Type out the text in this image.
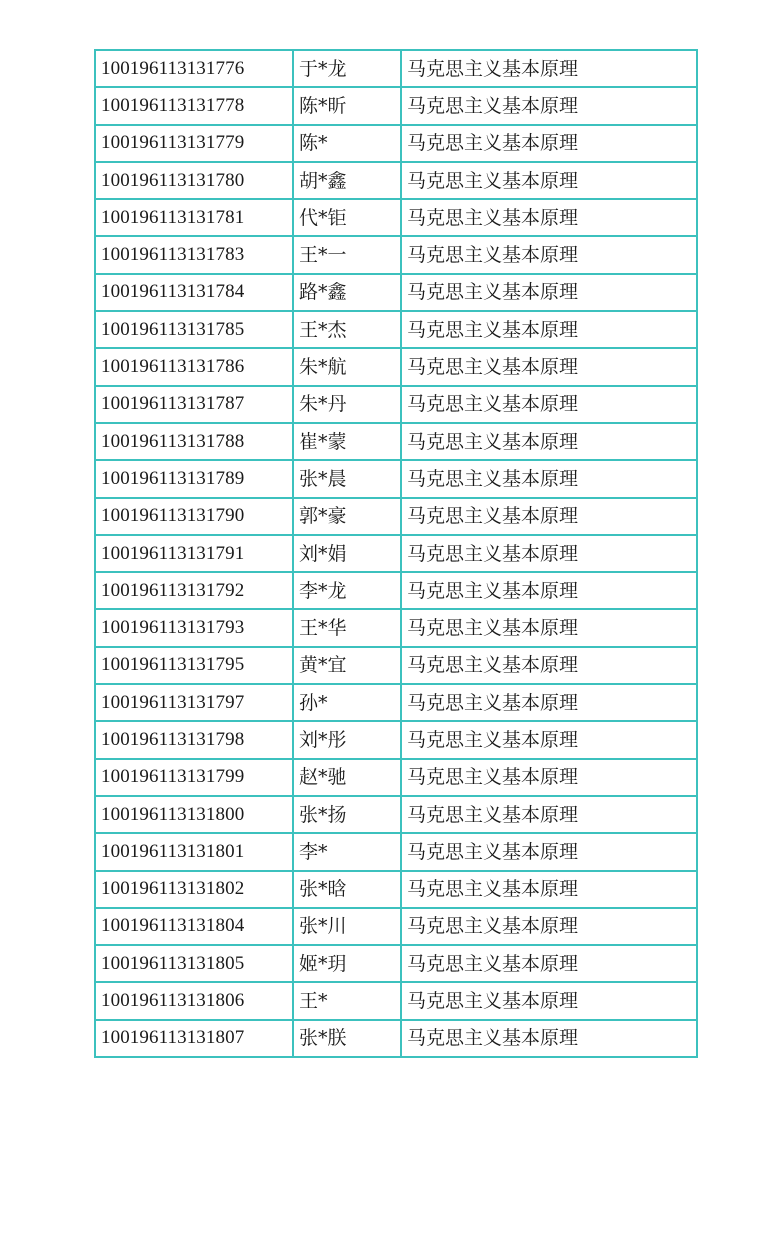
100196113131776	于*龙	马克思主义基本原理
100196113131778	陈*昕	马克思主义基本原理
100196113131779	陈*	马克思主义基本原理
100196113131780	胡*鑫	马克思主义基本原理
100196113131781	代*钜	马克思主义基本原理
100196113131783	王*一	马克思主义基本原理
100196113131784	路*鑫	马克思主义基本原理
100196113131785	王*杰	马克思主义基本原理
100196113131786	朱*航	马克思主义基本原理
100196113131787	朱*丹	马克思主义基本原理
100196113131788	崔*蒙	马克思主义基本原理
100196113131789	张*晨	马克思主义基本原理
100196113131790	郭*豪	马克思主义基本原理
100196113131791	刘*娟	马克思主义基本原理
100196113131792	李*龙	马克思主义基本原理
100196113131793	王*华	马克思主义基本原理
100196113131795	黄*宜	马克思主义基本原理
100196113131797	孙*	马克思主义基本原理
100196113131798	刘*彤	马克思主义基本原理
100196113131799	赵*驰	马克思主义基本原理
100196113131800	张*扬	马克思主义基本原理
100196113131801	李*	马克思主义基本原理
100196113131802	张*晗	马克思主义基本原理
100196113131804	张*川	马克思主义基本原理
100196113131805	姬*玥	马克思主义基本原理
100196113131806	王*	马克思主义基本原理
100196113131807	张*朕	马克思主义基本原理
